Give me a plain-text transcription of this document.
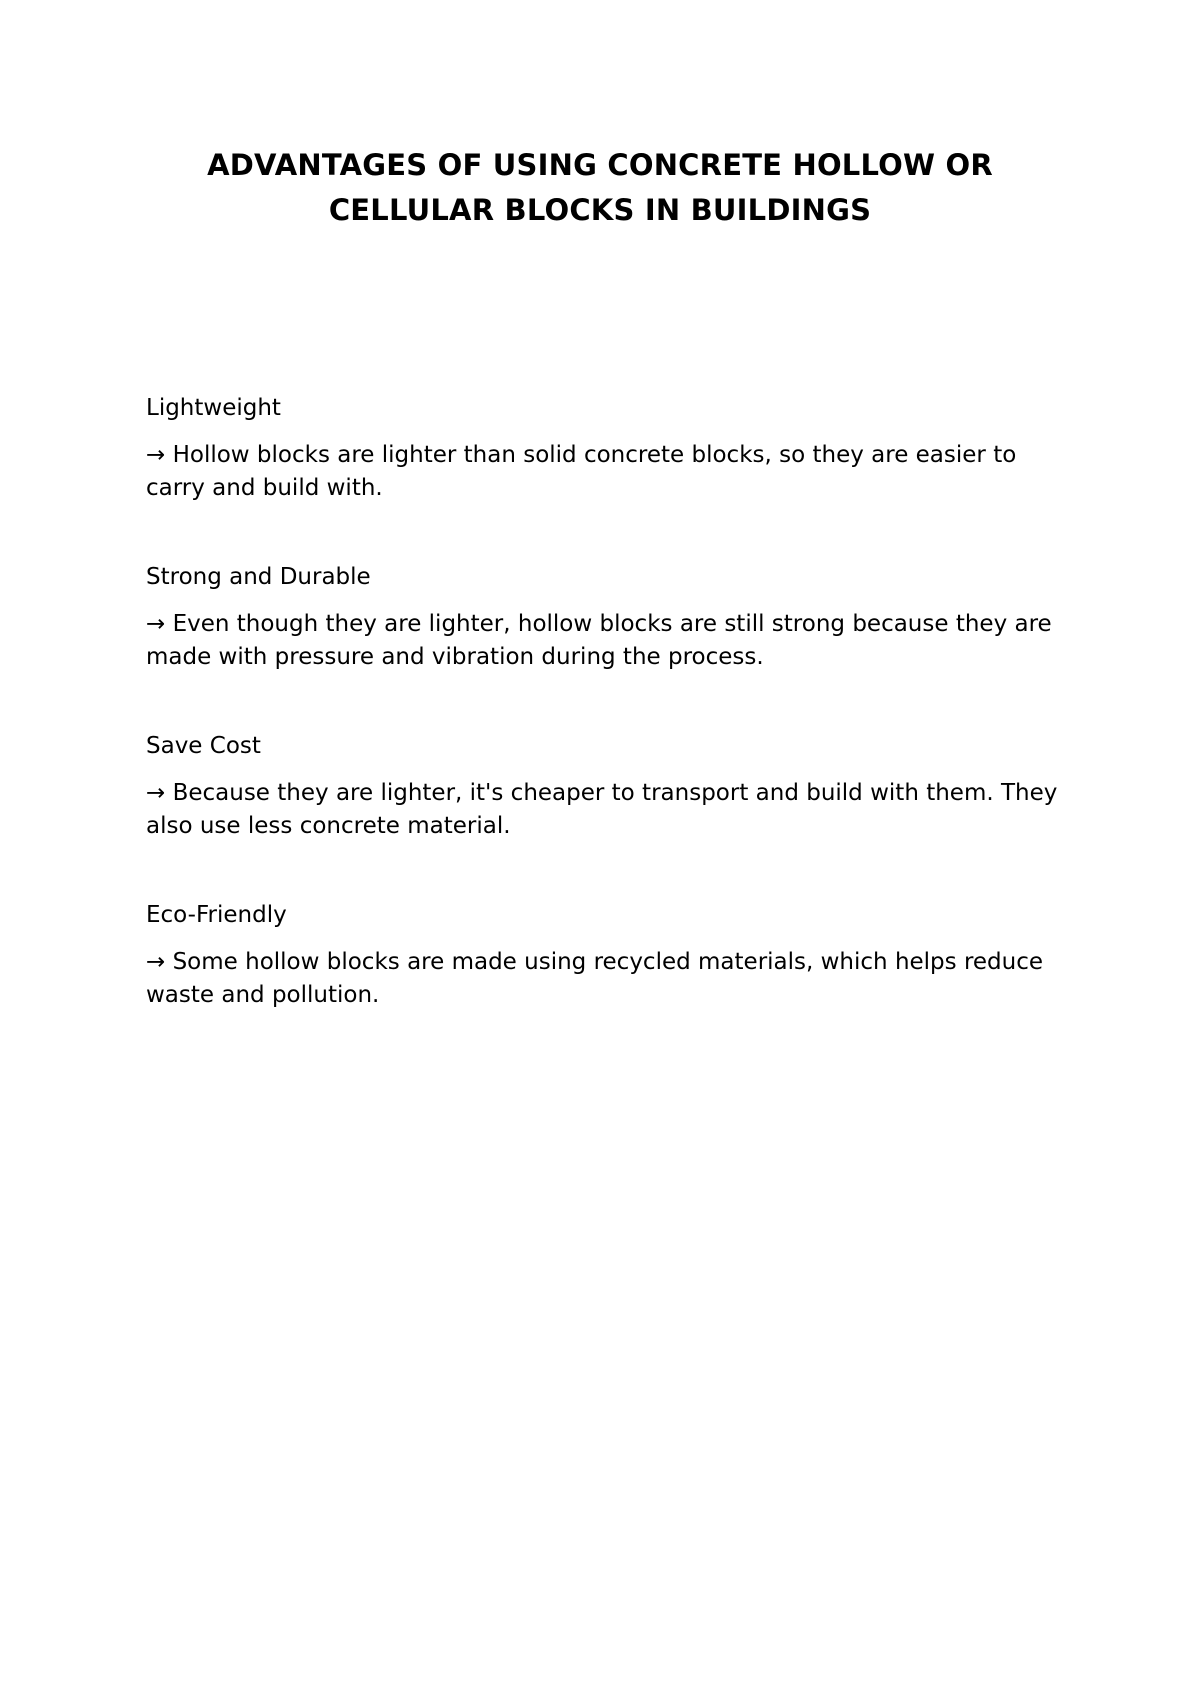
ADVANTAGES OF USING CONCRETE HOLLOW OR CELLULAR BLOCKS IN BUILDINGS

Lightweight

→ Hollow blocks are lighter than solid concrete blocks, so they are easier to carry and build with.

Strong and Durable

→ Even though they are lighter, hollow blocks are still strong because they are made with pressure and vibration during the process.

Save Cost

→ Because they are lighter, it's cheaper to transport and build with them. They also use less concrete material.

Eco-Friendly

→ Some hollow blocks are made using recycled materials, which helps reduce waste and pollution.
